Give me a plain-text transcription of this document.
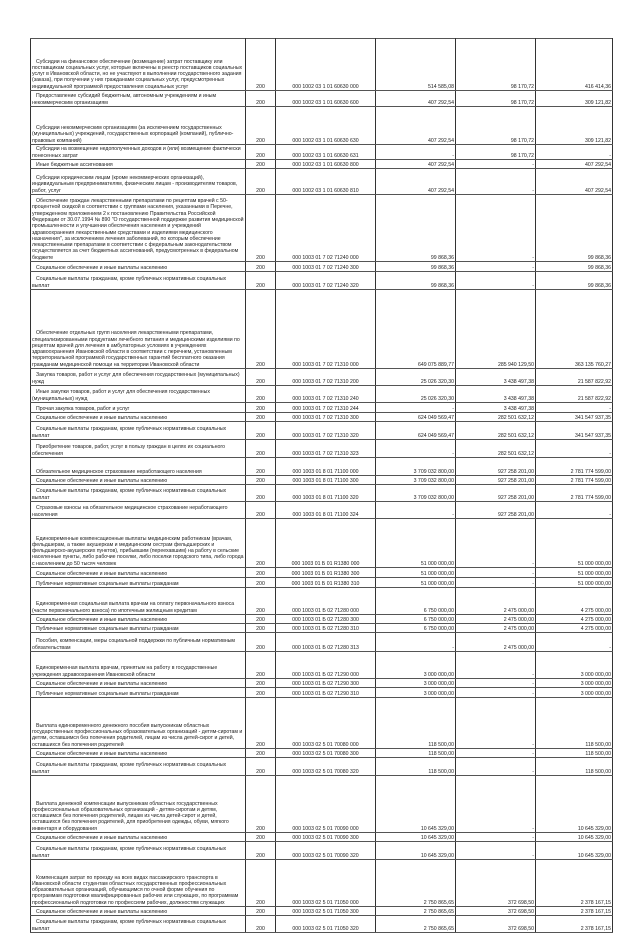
Субсидии на финансовое обеспечение (возмещение) затрат поставщику или поставщикам социальных услуг, которые включены в реестр поставщиков социальных услуг в Ивановской области, но не участвуют в выполнении государственного задания (заказа), при получении у них гражданами социальных услуг, предусмотренных индивидуальной программой предоставления социальных услуг	200	000 1002 03 1 01 60630 000	514 585,08	98 170,72	416 414,36
Предоставление субсидий бюджетным, автономным учреждениям и иным некоммерческим организациям	200	000 1002 03 1 01 60630 600	407 292,54	98 170,72	309 121,82
Субсидии некоммерческим организациям (за исключением государственных (муниципальных) учреждений, государственных корпораций (компаний), публично-правовых компаний)	200	000 1002 03 1 01 60630 630	407 292,54	98 170,72	309 121,82
Субсидии на возмещение недополученных доходов и (или) возмещение фактически понесенных затрат	200	000 1002 03 1 01 60630 631	-	98 170,72	-
Иные бюджетные ассигнования	200	000 1002 03 1 01 60630 800	407 292,54	-	407 292,54
Субсидии юридическим лицам (кроме некоммерческих организаций), индивидуальным предпринимателям, физическим лицам - производителям товаров, работ, услуг	200	000 1002 03 1 01 60630 810	407 292,54	-	407 292,54
Обеспечение граждан лекарственными препаратами по рецептам врачей с 50-процентной скидкой в соответствии с группами населения, указанными в Перечне, утвержденном приложением 2 к постановлению Правительства Российской Федерации от 30.07.1994 № 890 "О государственной поддержке развития медицинской промышленности и улучшении обеспечения населения и учреждений здравоохранения лекарственными средствами и изделиями медицинского назначения", за исключением лечения заболеваний, по которым обеспечение лекарственными препаратами в соответствии с федеральным законодательством осуществляется за счет бюджетных ассигнований, предусмотренных в федеральном бюджете	200	000 1003 01 7 02 71240 000	99 868,36	-	99 868,36
Социальное обеспечение и иные выплаты населению	200	000 1003 01 7 02 71240 300	99 868,36	-	99 868,36
Социальные выплаты гражданам, кроме публичных нормативных социальных выплат	200	000 1003 01 7 02 71240 320	99 868,36	-	99 868,36
Обеспечение отдельных групп населения лекарственными препаратами, специализированными продуктами лечебного питания и медицинскими изделиями по рецептам врачей для лечения в амбулаторных условиях в учреждениях здравоохранения Ивановской области в соответствии с перечнем, установленным территориальной программой государственных гарантий бесплатного оказания гражданам медицинской помощи на территории Ивановской области	200	000 1003 01 7 02 71310 000	649 075 889,77	285 940 129,50	363 135 760,27
Закупка товаров, работ и услуг для обеспечения государственных (муниципальных) нужд	200	000 1003 01 7 02 71310 200	25 026 320,30	3 438 497,38	21 587 822,92
Иные закупки товаров, работ и услуг для обеспечения государственных (муниципальных) нужд	200	000 1003 01 7 02 71310 240	25 026 320,30	3 438 497,38	21 587 822,92
Прочая закупка товаров, работ и услуг	200	000 1003 01 7 02 71310 244	-	3 438 497,38	-
Социальное обеспечение и иные выплаты населению	200	000 1003 01 7 02 71310 300	624 049 569,47	282 501 632,12	341 547 937,35
Социальные выплаты гражданам, кроме публичных нормативных социальных выплат	200	000 1003 01 7 02 71310 320	624 049 569,47	282 501 632,12	341 547 937,35
Приобретение товаров, работ, услуг в пользу граждан в целях их социального обеспечения	200	000 1003 01 7 02 71310 323	-	282 501 632,12	-
Обязательное медицинское страхование неработающего населения	200	000 1003 01 8 01 71100 000	3 709 032 800,00	927 258 201,00	2 781 774 599,00
Социальное обеспечение и иные выплаты населению	200	000 1003 01 8 01 71100 300	3 709 032 800,00	927 258 201,00	2 781 774 599,00
Социальные выплаты гражданам, кроме публичных нормативных социальных выплат	200	000 1003 01 8 01 71100 320	3 709 032 800,00	927 258 201,00	2 781 774 599,00
Страховые взносы на обязательное медицинское страхование неработающего населения	200	000 1003 01 8 01 71100 324	-	927 258 201,00	-
Единовременные компенсационные выплаты медицинским работникам (врачам, фельдшерам, а также акушеркам и медицинским сестрам фельдшерских и фельдшерско-акушерских пунктов), прибывшим (переехавшим) на работу в сельские населенные пункты, либо рабочие поселки, либо поселки городского типа, либо города с населением до 50 тысяч человек	200	000 1003 01 Б 01 R1380 000	51 000 000,00	-	51 000 000,00
Социальное обеспечение и иные выплаты населению	200	000 1003 01 Б 01 R1380 300	51 000 000,00	-	51 000 000,00
Публичные нормативные социальные выплаты гражданам	200	000 1003 01 Б 01 R1380 310	51 000 000,00	-	51 000 000,00
Единовременная социальная выплата врачам на оплату первоначального взноса (части первоначального взноса) по ипотечным жилищным кредитам	200	000 1003 01 Б 02 71280 000	6 750 000,00	2 475 000,00	4 275 000,00
Социальное обеспечение и иные выплаты населению	200	000 1003 01 Б 02 71280 300	6 750 000,00	2 475 000,00	4 275 000,00
Публичные нормативные социальные выплаты гражданам	200	000 1003 01 Б 02 71280 310	6 750 000,00	2 475 000,00	4 275 000,00
Пособия, компенсации, меры социальной поддержки по публичным нормативным обязательствам	200	000 1003 01 Б 02 71280 313	-	2 475 000,00	-
Единовременная выплата врачам, принятым на работу в государственные учреждения здравоохранения Ивановской области	200	000 1003 01 Б 02 71290 000	3 000 000,00	-	3 000 000,00
Социальное обеспечение и иные выплаты населению	200	000 1003 01 Б 02 71290 300	3 000 000,00	-	3 000 000,00
Публичные нормативные социальные выплаты гражданам	200	000 1003 01 Б 02 71290 310	3 000 000,00	-	3 000 000,00
Выплата единовременного денежного пособия выпускникам областных государственных профессиональных образовательных организаций - детям-сиротам и детям, оставшимся без попечения родителей, лицам из числа детей-сирот и детей, оставшихся без попечения родителей	200	000 1003 02 5 01 70080 000	118 500,00	-	118 500,00
Социальное обеспечение и иные выплаты населению	200	000 1003 02 5 01 70080 300	118 500,00	-	118 500,00
Социальные выплаты гражданам, кроме публичных нормативных социальных выплат	200	000 1003 02 5 01 70080 320	118 500,00	-	118 500,00
Выплата денежной компенсации выпускникам областных государственных профессиональных образовательных организаций - детям-сиротам и детям, оставшимся без попечения родителей, лицам из числа детей-сирот и детей, оставшихся без попечения родителей, для приобретения одежды, обуви, мягкого инвентаря и оборудования	200	000 1003 02 5 01 70090 000	10 645 329,00	-	10 645 329,00
Социальное обеспечение и иные выплаты населению	200	000 1003 02 5 01 70090 300	10 645 329,00	-	10 645 329,00
Социальные выплаты гражданам, кроме публичных нормативных социальных выплат	200	000 1003 02 5 01 70090 320	10 645 329,00	-	10 645 329,00
Компенсация затрат по проезду на всех видах пассажирского транспорта в Ивановской области студентам областных государственных профессиональных образовательных организаций, обучающимся по очной форме обучения по программам подготовки квалифицированных рабочих или служащих, по программам профессиональной подготовки по профессиям рабочих, должностям служащих	200	000 1003 02 5 01 71050 000	2 750 865,65	372 698,50	2 378 167,15
Социальное обеспечение и иные выплаты населению	200	000 1003 02 5 01 71050 300	2 750 865,65	372 698,50	2 378 167,15
Социальные выплаты гражданам, кроме публичных нормативных социальных выплат	200	000 1003 02 5 01 71050 320	2 750 865,65	372 698,50	2 378 167,15
